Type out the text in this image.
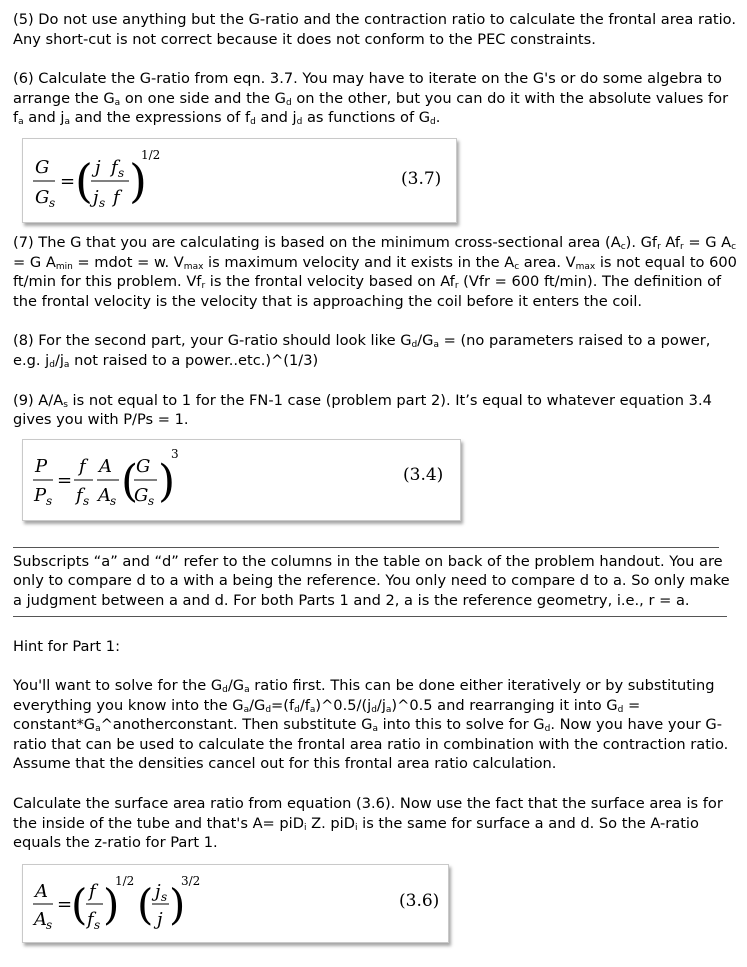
(5) Do not use anything but the G-ratio and the contraction ratio to calculate the frontal area ratio. Any short-cut is not correct because it does not conform to the PEC constraints.

(6) Calculate the G-ratio from eqn. 3.7. You may have to iterate on the G's or do some algebra to arrange the $G_a$ on one side and the $G_d$ on the other, but you can do it with the absolute values for $f_a$ and $j_a$ and the expressions of $f_d$ and $j_d$ as functions of $G_d$.

G
G s
= ( j f s
j s f )
1/2
(3.7)

(7) The G that you are calculating is based on the minimum cross-sectional area $(A_c)$. $Gf_r$ $Af_r = G$ $A_c = G$ $A_{min}$ = mdot = w. $V_{max}$ is maximum velocity and it exists in the $A_c$ area. $V_{max}$ is not equal to 600 ft/min for this problem. $Vf_r$ is the frontal velocity based on $Af_r$ (Vfr = 600 ft/min). The definition of the frontal velocity is the velocity that is approaching the coil before it enters the coil.

(8) For the second part, your G-ratio should look like $G_d/G_a = (no$ parameters raised to a power, e.g. $j_d/j_a$ not raised to a power..etc.)^(1/3)

(9) $A/A_s$ is not equal to 1 for the FN-1 case (problem part 2). It’s equal to whatever equation 3.4 gives you with P/Ps = 1.

P
P s
=
f
f s
A
A s (
G
G s )
3
(3.4)

Subscripts “a” and “d” refer to the columns in the table on back of the problem handout. You are only to compare d to a with a being the reference. You only need to compare d to a. So only make a judgment between a and d. For both Parts 1 and 2, a is the reference geometry, i.e., r = a.

Hint for Part 1:

You'll want to solve for the $G_d/G_a$ ratio first. This can be done either iteratively or by substituting everything you know into the $G_a/G_d=(f_d/f_a)\^{}0.5/(j_d/j_a)\^{}0.5$ and rearranging it into $G_d$ = $constant*G_a\^{}anotherconstant$. Then substitute $G_a$ into this to solve for $G_d$. Now you have your G-ratio that can be used to calculate the frontal area ratio in combination with the contraction ratio. Assume that the densities cancel out for this frontal area ratio calculation.

Calculate the surface area ratio from equation (3.6). Now use the fact that the surface area is for the inside of the tube and that's A= piD$_i$ Z. piD$_i$ is the same for surface a and d. So the A-ratio equals the z-ratio for Part 1.

A
A s
=
( f
f s )
1/2 ( j s
j )
3/2
(3.6)
